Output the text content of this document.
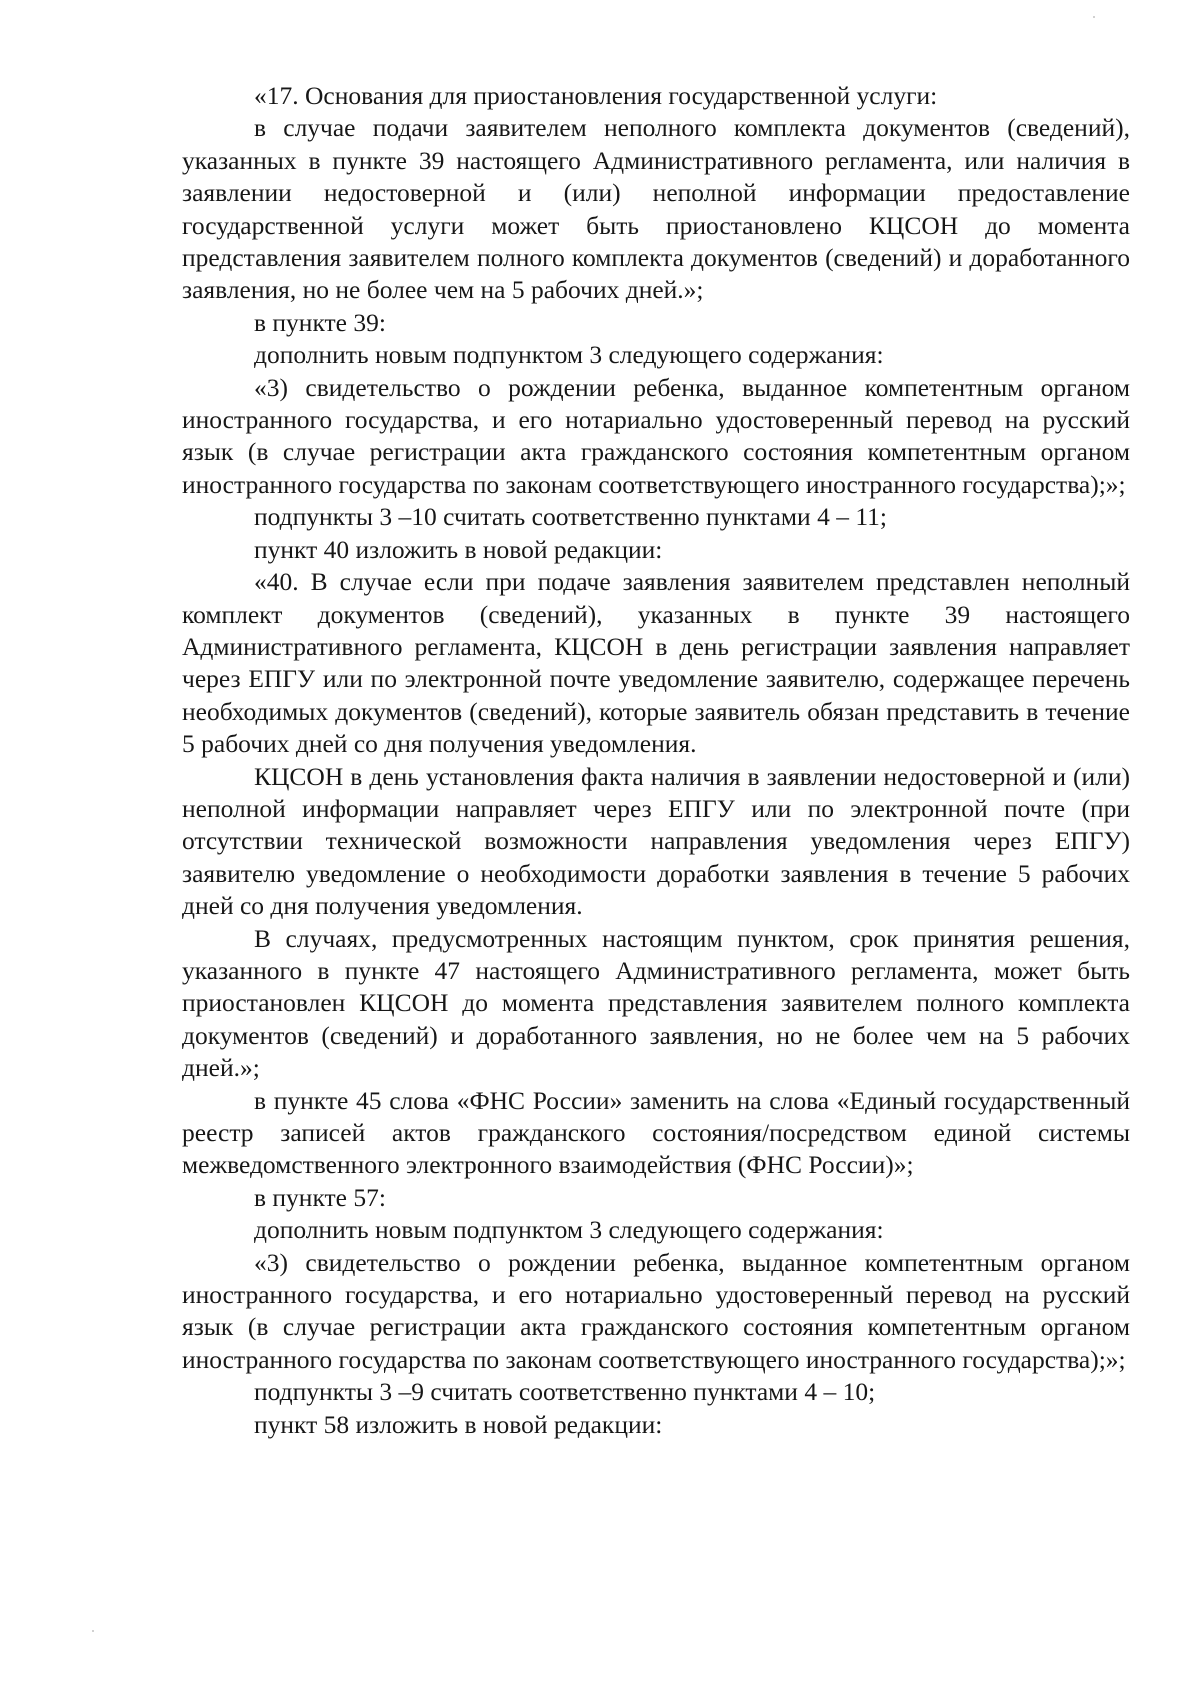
«17. Основания для приостановления государственной услуги:

в случае подачи заявителем неполного комплекта документов (сведений), указанных в пункте 39 настоящего Административного регламента, или наличия в заявлении недостоверной и (или) неполной информации предоставление государственной услуги может быть приостановлено КЦСОН до момента представления заявителем полного комплекта документов (сведений) и доработанного заявления, но не более чем на 5 рабочих дней.»;

в пункте 39:

дополнить новым подпунктом 3 следующего содержания:

«3) свидетельство о рождении ребенка, выданное компетентным органом иностранного государства, и его нотариально удостоверенный перевод на русский язык (в случае регистрации акта гражданского состояния компетентным органом иностранного государства по законам соответствующего иностранного государства);»;

подпункты 3 –10 считать соответственно пунктами 4 – 11;

пункт 40 изложить в новой редакции:

«40. В случае если при подаче заявления заявителем представлен неполный комплект документов (сведений), указанных в пункте 39 настоящего Административного регламента, КЦСОН в день регистрации заявления направляет через ЕПГУ или по электронной почте уведомление заявителю, содержащее перечень необходимых документов (сведений), которые заявитель обязан представить в течение 5 рабочих дней со дня получения уведомления.

КЦСОН в день установления факта наличия в заявлении недостоверной и (или) неполной информации направляет через ЕПГУ или по электронной почте (при отсутствии технической возможности направления уведомления через ЕПГУ) заявителю уведомление о необходимости доработки заявления в течение 5 рабочих дней со дня получения уведомления.

В случаях, предусмотренных настоящим пунктом, срок принятия решения, указанного в пункте 47 настоящего Административного регламента, может быть приостановлен КЦСОН до момента представления заявителем полного комплекта документов (сведений) и доработанного заявления, но не более чем на 5 рабочих дней.»;

в пункте 45 слова «ФНС России» заменить на слова «Единый государственный реестр записей актов гражданского состояния/посредством единой системы межведомственного электронного взаимодействия (ФНС России)»;

в пункте 57:

дополнить новым подпунктом 3 следующего содержания:

«3) свидетельство о рождении ребенка, выданное компетентным органом иностранного государства, и его нотариально удостоверенный перевод на русский язык (в случае регистрации акта гражданского состояния компетентным органом иностранного государства по законам соответствующего иностранного государства);»;

подпункты 3 –9 считать соответственно пунктами 4 – 10;

пункт 58 изложить в новой редакции:
